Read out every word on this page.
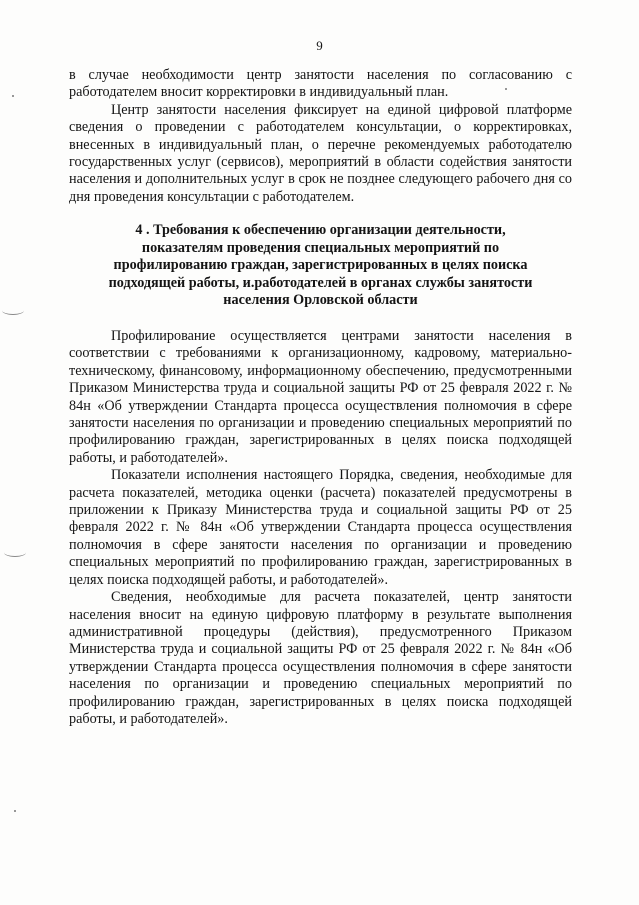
9

в случае необходимости центр занятости населения по согласованию с работодателем вносит корректировки в индивидуальный план.

Центр занятости населения фиксирует на единой цифровой платформе сведения о проведении с работодателем консультации, о корректировках, внесенных в индивидуальный план, о перечне рекомендуемых работодателю государственных услуг (сервисов), мероприятий в области содействия занятости населения и дополнительных услуг в срок не позднее следующего рабочего дня со дня проведения консультации с работодателем.

4 . Требования к обеспечению организации деятельности,
показателям проведения специальных мероприятий по
профилированию граждан, зарегистрированных в целях поиска
подходящей работы, и.работодателей в органах службы занятости
населения Орловской области

Профилирование осуществляется центрами занятости населения в соответствии с требованиями к организационному, кадровому, материально-техническому, финансовому, информационному обеспечению, предусмотренными Приказом Министерства труда и социальной защиты РФ от 25 февраля 2022 г. № 84н «Об утверждении Стандарта процесса осуществления полномочия в сфере занятости населения по организации и проведению специальных мероприятий по профилированию граждан, зарегистрированных в целях поиска подходящей работы, и работодателей».

Показатели исполнения настоящего Порядка, сведения, необходимые для расчета показателей, методика оценки (расчета) показателей предусмотрены в приложении к Приказу Министерства труда и социальной защиты РФ от 25 февраля 2022 г. № 84н «Об утверждении Стандарта процесса осуществления полномочия в сфере занятости населения по организации и проведению специальных мероприятий по профилированию граждан, зарегистрированных в целях поиска подходящей работы, и работодателей».

Сведения, необходимые для расчета показателей, центр занятости населения вносит на единую цифровую платформу в результате выполнения административной процедуры (действия), предусмотренного Приказом Министерства труда и социальной защиты РФ от 25 февраля 2022 г. № 84н «Об утверждении Стандарта процесса осуществления полномочия в сфере занятости населения по организации и проведению специальных мероприятий по профилированию граждан, зарегистрированных в целях поиска подходящей работы, и работодателей».
